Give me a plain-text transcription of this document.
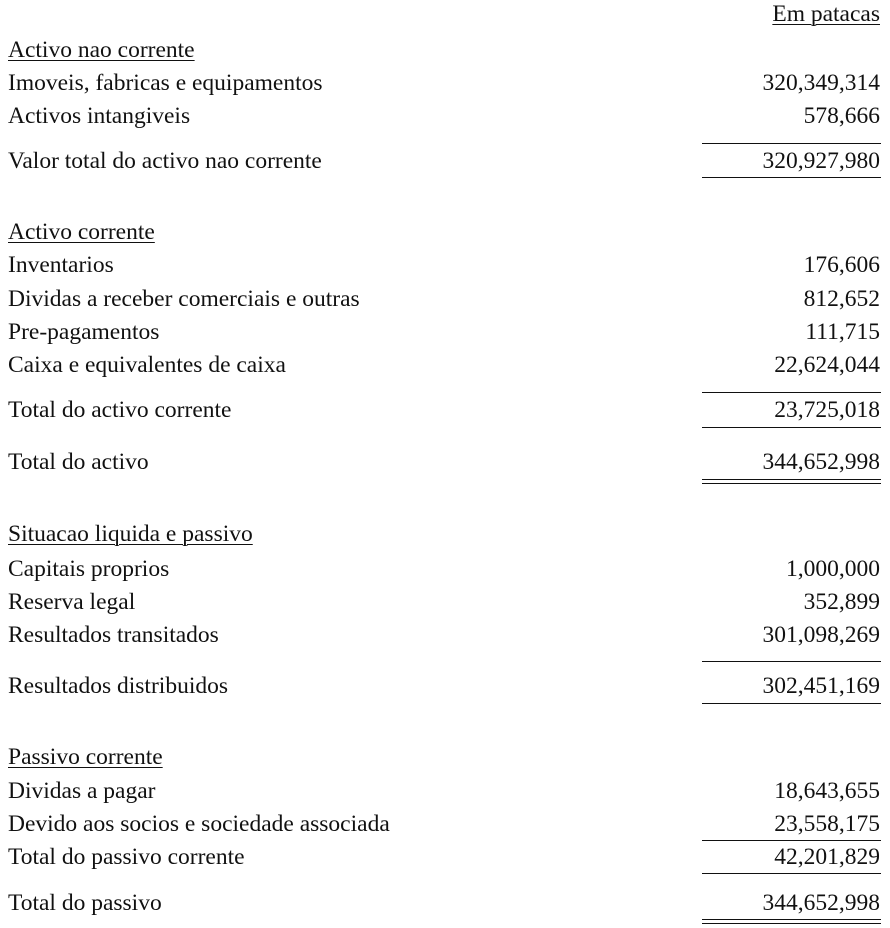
Em patacas
Activo nao corrente
Imoveis, fabricas e equipamentos	320,349,314
Activos intangiveis	578,666
Valor total do activo nao corrente	320,927,980
Activo corrente
Inventarios	176,606
Dividas a receber comerciais e outras	812,652
Pre-pagamentos	111,715
Caixa e equivalentes de caixa	22,624,044
Total do activo corrente	23,725,018
Total do activo	344,652,998
Situacao liquida e passivo
Capitais proprios	1,000,000
Reserva legal	352,899
Resultados transitados	301,098,269
Resultados distribuidos	302,451,169
Passivo corrente
Dividas a pagar	18,643,655
Devido aos socios e sociedade associada	23,558,175
Total do passivo corrente	42,201,829
Total do passivo	344,652,998
